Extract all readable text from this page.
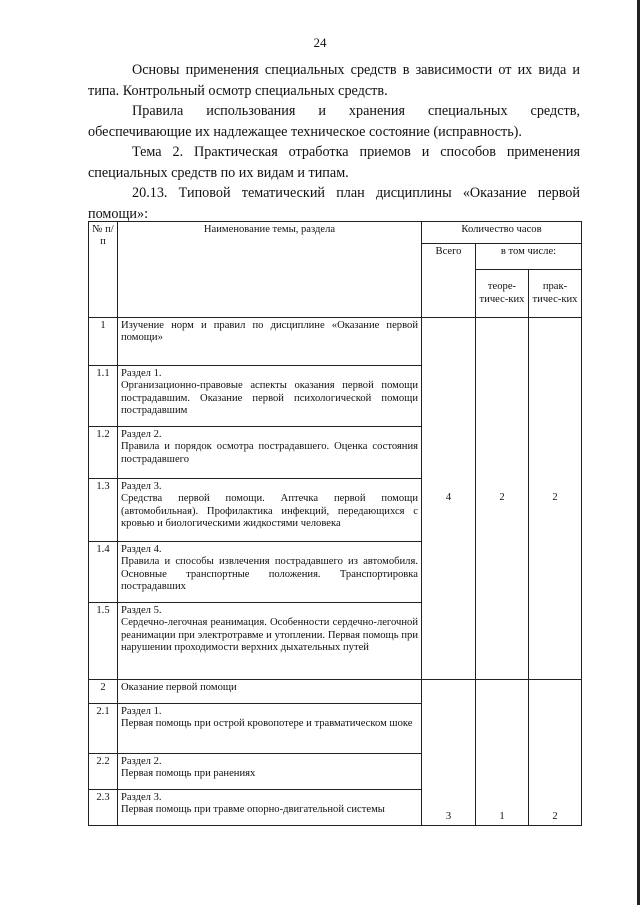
24

Основы применения специальных средств в зависимости от их вида и типа. Контрольный осмотр специальных средств.

Правила использования и хранения специальных средств, обеспечивающие их надлежащее техническое состояние (исправность).

Тема 2. Практическая отработка приемов и способов применения специальных средств по их видам и типам.

20.13. Типовой тематический план дисциплины «Оказание первой помощи»:

№ п/п	Наименование темы, раздела	Количество часов		
		Всего	в том числе:	
			теоре-тичес-ких	прак-тичес-ких
1	Изучение норм и правил по дисциплине «Оказание первой помощи»	4	2	2
1.1	Раздел 1.
Организационно-правовые аспекты оказания первой помощи пострадавшим. Оказание первой психологической помощи пострадавшим			

1.2	Раздел 2.
Правила и порядок осмотра пострадавшего. Оценка состояния пострадавшего			

1.3	Раздел 3.
Средства первой помощи. Аптечка первой помощи (автомобильная). Профилактика инфекций, передающихся с кровью и биологическими жидкостями человека			

1.4	Раздел 4.
Правила и способы извлечения пострадавшего из автомобиля. Основные транспортные положения. Транспортировка пострадавших			

1.5	Раздел 5.
Сердечно-легочная реанимация. Особенности сердечно-легочной реанимации при электротравме и утоплении. Первая помощь при нарушении проходимости верхних дыхательных путей			

2	Оказание первой помощи	3	1	2
2.1	Раздел 1.
Первая помощь при острой кровопотере и травматическом шоке			

2.2	Раздел 2.
Первая помощь при ранениях			

2.3	Раздел 3.
Первая помощь при травме опорно-двигательной системы			
